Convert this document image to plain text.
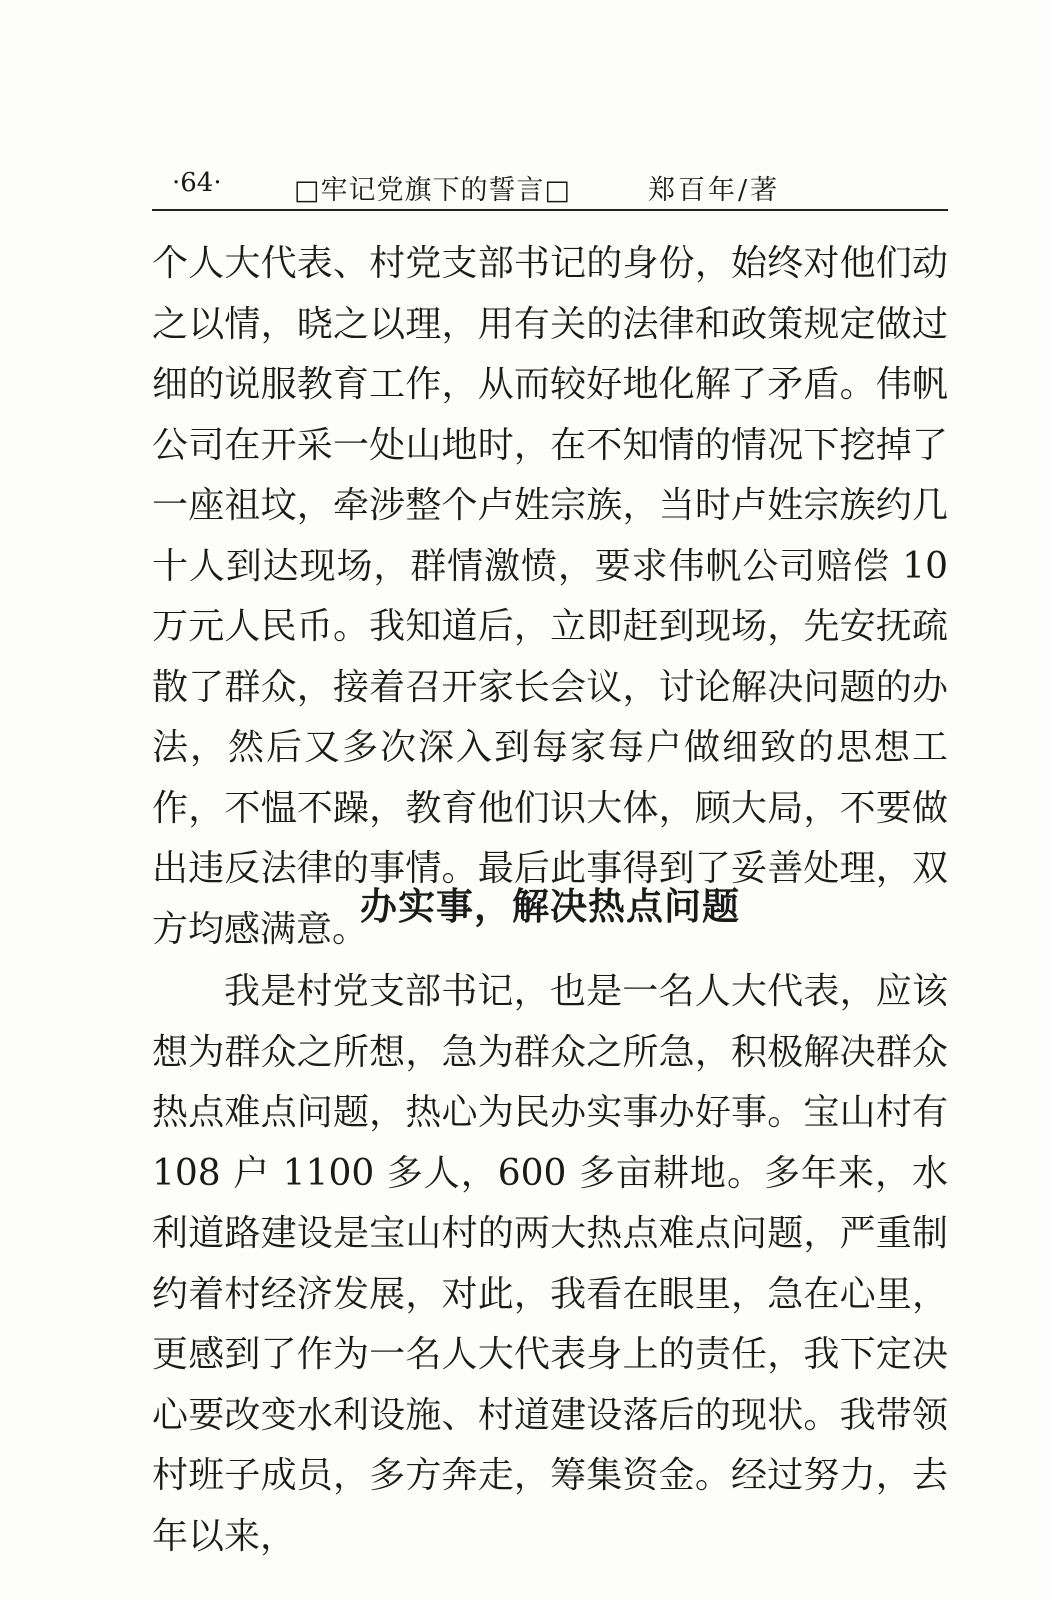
·64·	□牢记党旗下的誓言□	郑百年/著

个人大代表、村党支部书记的身份，始终对他们动之以情，晓之以理，用有关的法律和政策规定做过细的说服教育工作，从而较好地化解了矛盾。伟帆公司在开采一处山地时，在不知情的情况下挖掉了一座祖坟，牵涉整个卢姓宗族，当时卢姓宗族约几十人到达现场，群情激愤，要求伟帆公司赔偿 10 万元人民币。我知道后，立即赶到现场，先安抚疏散了群众，接着召开家长会议，讨论解决问题的办法，然后又多次深入到每家每户做细致的思想工作，不愠不躁，教育他们识大体，顾大局，不要做出违反法律的事情。最后此事得到了妥善处理，双方均感满意。

办实事，解决热点问题

我是村党支部书记，也是一名人大代表，应该想为群众之所想，急为群众之所急，积极解决群众热点难点问题，热心为民办实事办好事。宝山村有 108 户 1100 多人，600 多亩耕地。多年来，水利道路建设是宝山村的两大热点难点问题，严重制约着村经济发展，对此，我看在眼里，急在心里，更感到了作为一名人大代表身上的责任，我下定决心要改变水利设施、村道建设落后的现状。我带领村班子成员，多方奔走，筹集资金。经过努力，去年以来，
